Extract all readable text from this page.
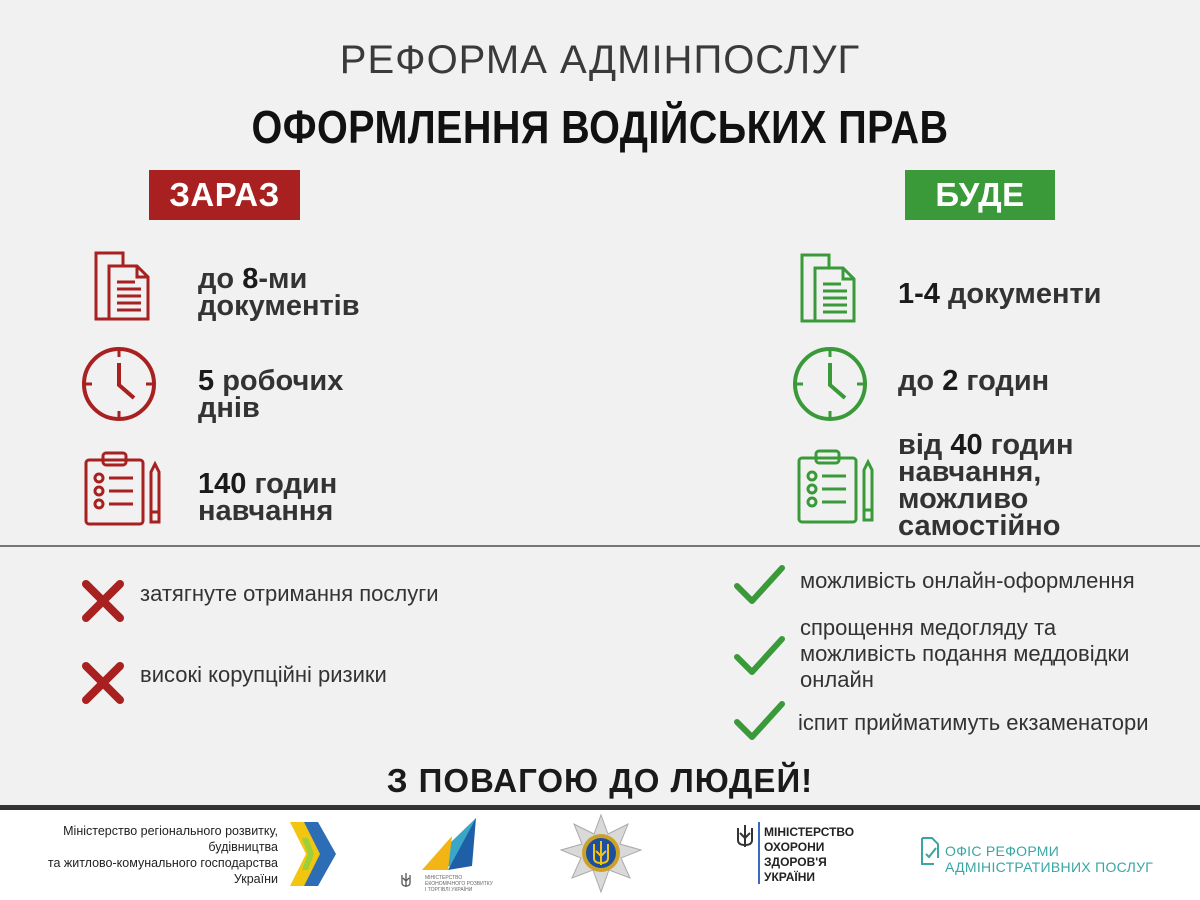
РЕФОРМА АДМІНПОСЛУГ
ОФОРМЛЕННЯ ВОДІЙСЬКИХ ПРАВ
ЗАРАЗ	БУДЕ
до 8-ми
документів
5 робочих
днів
140 годин
навчання
1-4 документи
до 2 годин
від 40 годин
навчання,
можливо
самостійно
затягнуте отримання послуги
високі корупційні ризики
можливість онлайн-оформлення
спрощення медогляду та
можливість подання меддовідки
онлайн
іспит прийматимуть екзаменатори
З ПОВАГОЮ ДО ЛЮДЕЙ!
Міністерство регіонального розвитку,
будівництва
та житлово-комунального господарства
України	МІНІСТЕРСТВО
ЕКОНОМІЧНОГО РОЗВИТКУ
І ТОРГІВЛІ УКРАЇНИ
МІНІСТЕРСТВО
ОХОРОНИ
ЗДОРОВ'Я
УКРАЇНИ
ОФІС РЕФОРМИ АДМІНІСТРАТИВНИХ ПОСЛУГ
